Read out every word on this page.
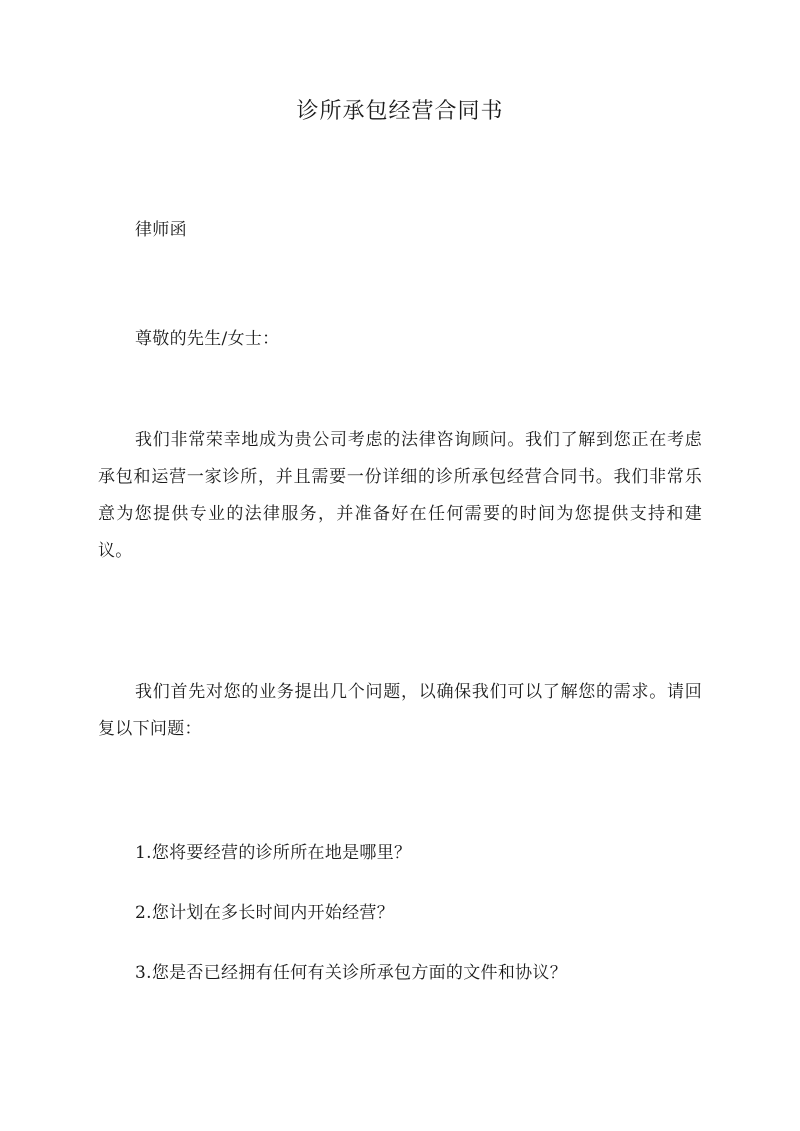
诊所承包经营合同书

律师函

尊敬的先生/女士：

我们非常荣幸地成为贵公司考虑的法律咨询顾问。我们了解到您正在考虑承包和运营一家诊所，并且需要一份详细的诊所承包经营合同书。我们非常乐意为您提供专业的法律服务，并准备好在任何需要的时间为您提供支持和建议。

我们首先对您的业务提出几个问题，以确保我们可以了解您的需求。请回复以下问题：

1.您将要经营的诊所所在地是哪里？

2.您计划在多长时间内开始经营？

3.您是否已经拥有任何有关诊所承包方面的文件和协议？
